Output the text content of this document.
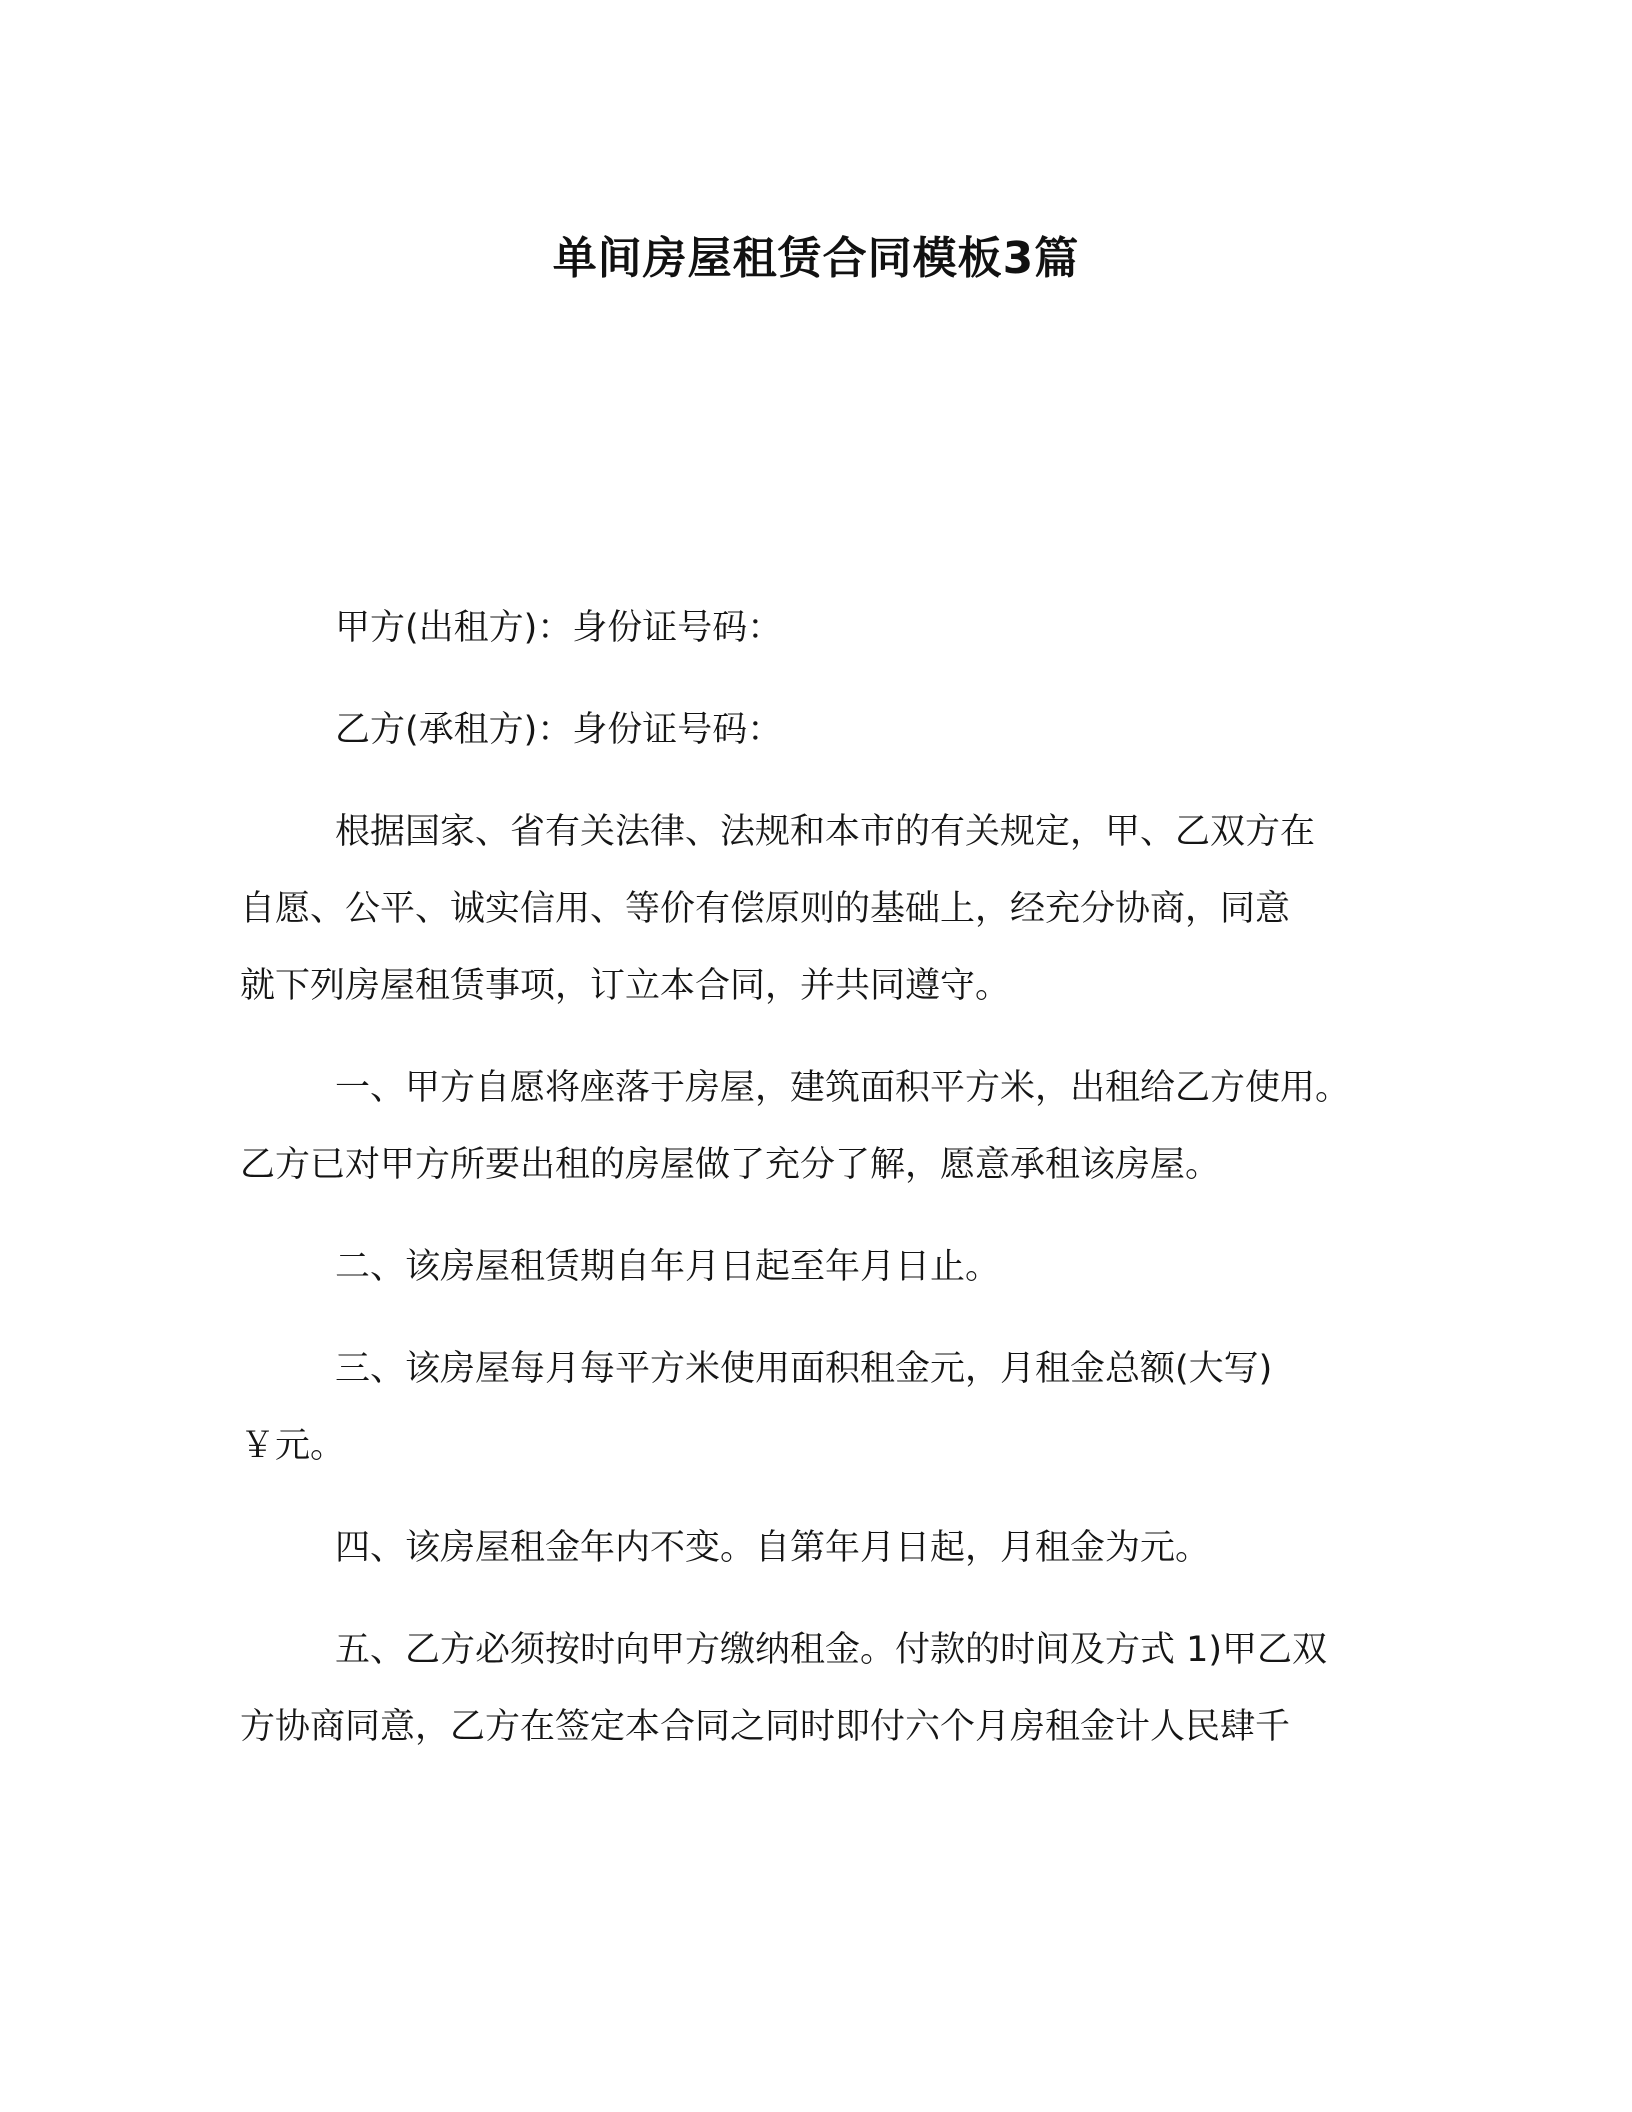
单间房屋租赁合同模板3篇

甲方(出租方)：身份证号码：

乙方(承租方)：身份证号码：

根据国家、省有关法律、法规和本市的有关规定，甲、乙双方在
自愿、公平、诚实信用、等价有偿原则的基础上，经充分协商，同意
就下列房屋租赁事项，订立本合同，并共同遵守。

一、甲方自愿将座落于房屋，建筑面积平方米，出租给乙方使用。
乙方已对甲方所要出租的房屋做了充分了解，愿意承租该房屋。

二、该房屋租赁期自年月日起至年月日止。

三、该房屋每月每平方米使用面积租金元，月租金总额(大写)
￥元。

四、该房屋租金年内不变。自第年月日起，月租金为元。

五、乙方必须按时向甲方缴纳租金。付款的时间及方式 1)甲乙双
方协商同意，乙方在签定本合同之同时即付六个月房租金计人民肆千
